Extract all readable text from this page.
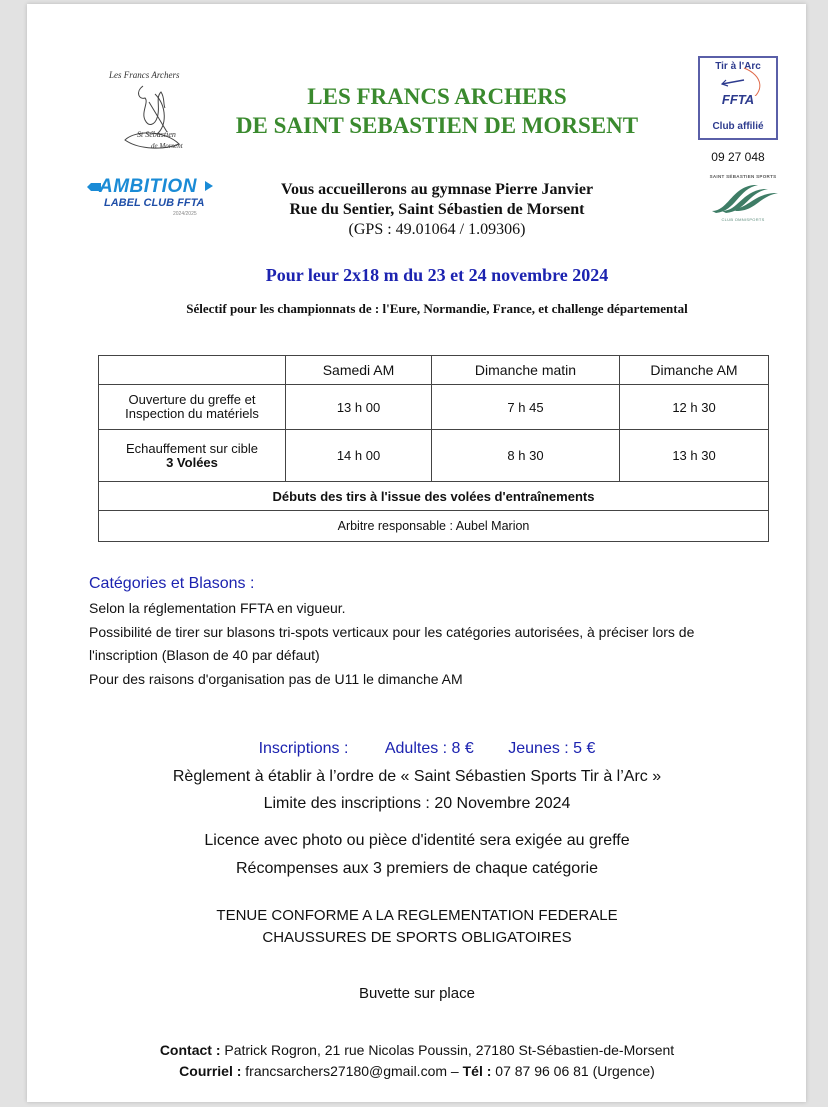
Les Francs Archers
St Sébastien
de Morsent
LES FRANCS ARCHERS
DE SAINT SEBASTIEN DE MORSENT
Tir à l'Arc
FFTA
Club affilié
09 27 048
AMBITION
LABEL CLUB FFTA
2024/2025
Vous accueillerons au gymnase Pierre Janvier
Rue du Sentier, Saint Sébastien de Morsent
(GPS : 49.01064 / 1.09306)
SAINT SÉBASTIEN SPORTS
CLUB OMNISPORTS
Pour leur 2x18 m du 23 et 24 novembre 2024
Sélectif pour les championnats de : l'Eure, Normandie, France, et challenge départemental
	Samedi AM	Dimanche matin	Dimanche AM

Ouverture du greffe et
Inspection du matériels	13 h 00	7 h 45	12 h 30

Echauffement sur cible
3 Volées	14 h 00	8 h 30	13 h 30
Débuts des tirs à l'issue des volées d'entraînements			
Arbitre responsable : Aubel Marion			
Catégories et Blasons :
Selon la réglementation FFTA en vigueur.
Possibilité de tirer sur blasons tri-spots verticaux pour les catégories autorisées, à préciser lors de
l'inscription (Blason de 40 par défaut)
Pour des raisons d'organisation pas de U11 le dimanche AM
Inscriptions : Adultes : 8 € Jeunes : 5 €
Règlement à établir à l’ordre de « Saint Sébastien Sports Tir à l’Arc »
Limite des inscriptions : 20 Novembre 2024
Licence avec photo ou pièce d'identité sera exigée au greffe
Récompenses aux 3 premiers de chaque catégorie
TENUE CONFORME A LA REGLEMENTATION FEDERALE
CHAUSSURES DE SPORTS OBLIGATOIRES
Buvette sur place
Contact : Patrick Rogron, 21 rue Nicolas Poussin, 27180 St-Sébastien-de-Morsent
Courriel : francsarchers27180@gmail.com – Tél : 07 87 96 06 81 (Urgence)
